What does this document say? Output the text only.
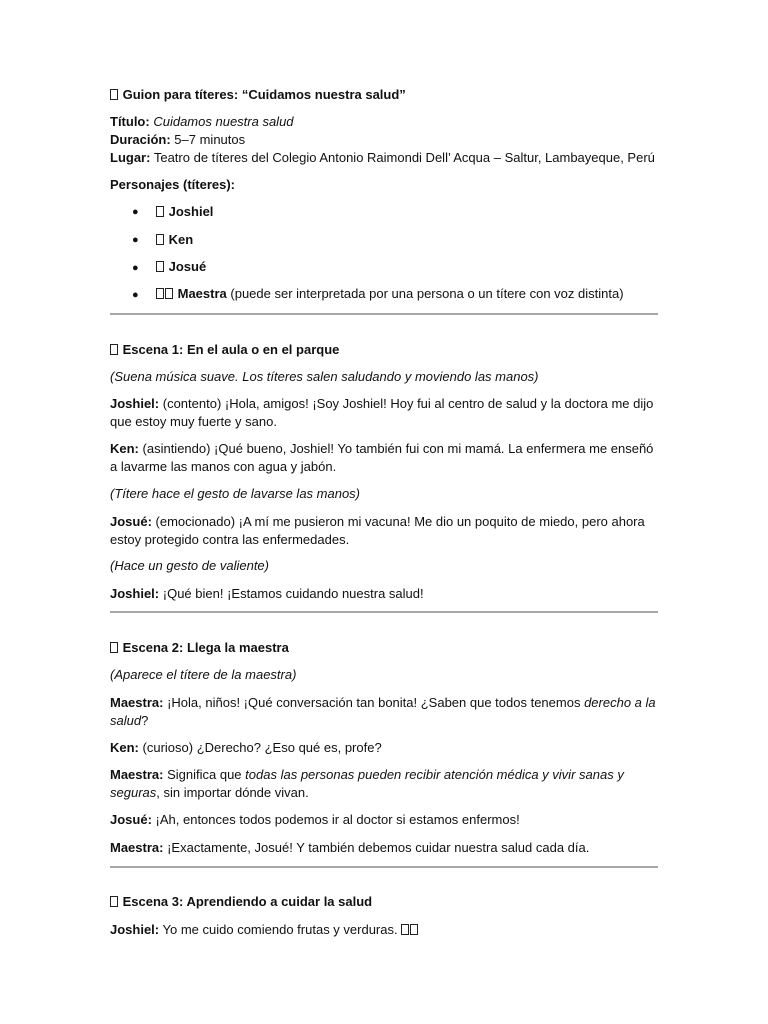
Guion para títeres: “Cuidamos nuestra salud”

Título: Cuidamos nuestra salud

Duración: 5–7 minutos

Lugar: Teatro de títeres del Colegio Antonio Raimondi Dell’ Acqua – Saltur, Lambayeque, Perú

Personajes (títeres):

●	Joshiel
●	Ken
●	Josué
●	Maestra (puede ser interpretada por una persona o un títere con voz distinta)

Escena 1: En el aula o en el parque

(Suena música suave. Los títeres salen saludando y moviendo las manos)

Joshiel: (contento) ¡Hola, amigos! ¡Soy Joshiel! Hoy fui al centro de salud y la doctora me dijo que estoy muy fuerte y sano.

Ken: (asintiendo) ¡Qué bueno, Joshiel! Yo también fui con mi mamá. La enfermera me enseñó a lavarme las manos con agua y jabón.

(Títere hace el gesto de lavarse las manos)

Josué: (emocionado) ¡A mí me pusieron mi vacuna! Me dio un poquito de miedo, pero ahora estoy protegido contra las enfermedades.

(Hace un gesto de valiente)

Joshiel: ¡Qué bien! ¡Estamos cuidando nuestra salud!

Escena 2: Llega la maestra

(Aparece el títere de la maestra)

Maestra: ¡Hola, niños! ¡Qué conversación tan bonita! ¿Saben que todos tenemos derecho a la salud?

Ken: (curioso) ¿Derecho? ¿Eso qué es, profe?

Maestra: Significa que todas las personas pueden recibir atención médica y vivir sanas y seguras, sin importar dónde vivan.

Josué: ¡Ah, entonces todos podemos ir al doctor si estamos enfermos!

Maestra: ¡Exactamente, Josué! Y también debemos cuidar nuestra salud cada día.

Escena 3: Aprendiendo a cuidar la salud

Joshiel: Yo me cuido comiendo frutas y verduras.
